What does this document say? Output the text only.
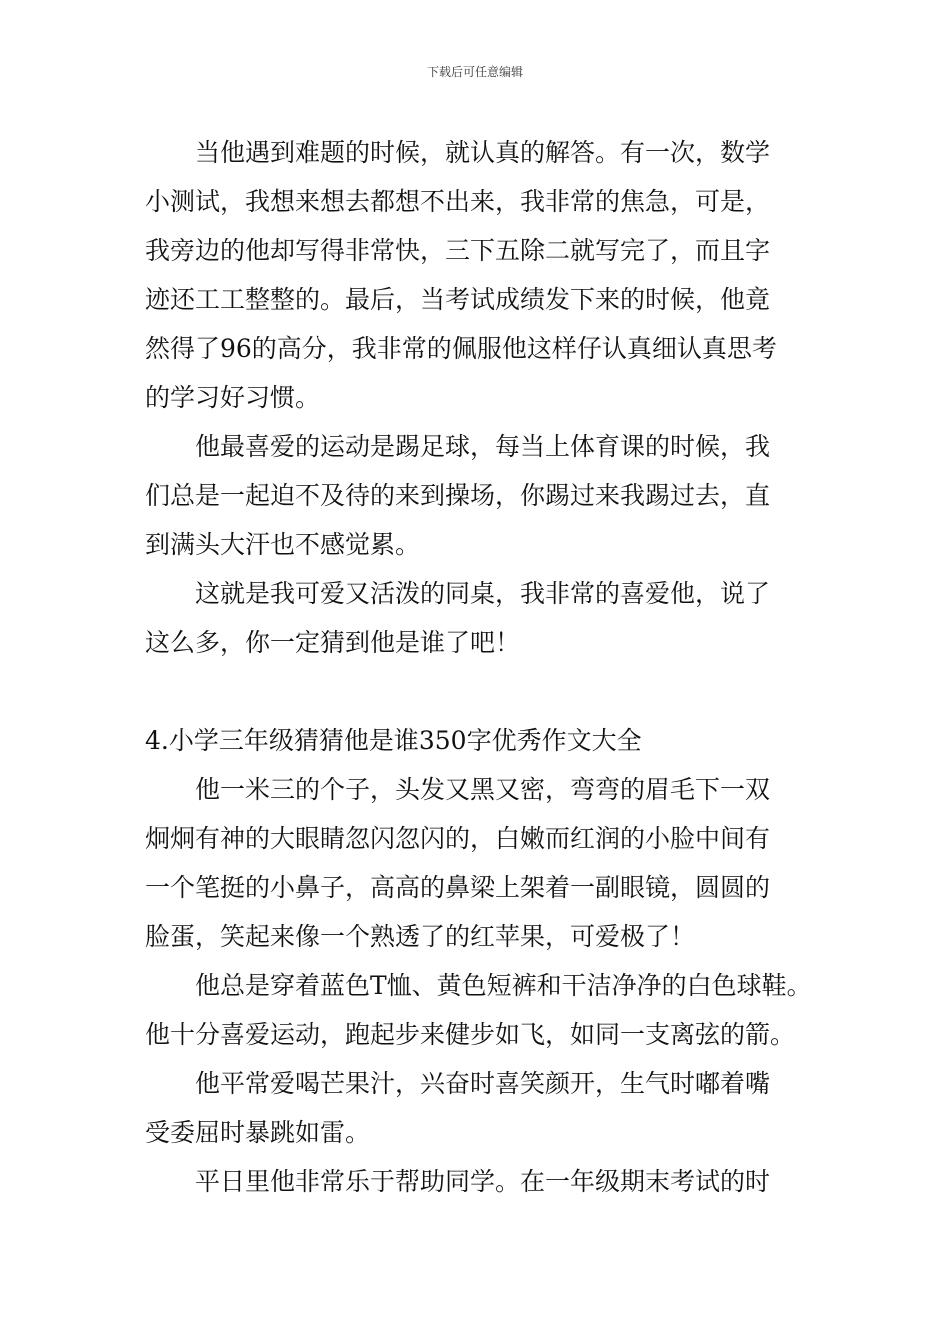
下载后可任意编辑

　　当他遇到难题的时候，就认真的解答。有一次，数学

小测试，我想来想去都想不出来，我非常的焦急，可是，

我旁边的他却写得非常快，三下五除二就写完了，而且字

迹还工工整整的。最后，当考试成绩发下来的时候，他竟

然得了96的高分，我非常的佩服他这样仔认真细认真思考

的学习好习惯。

　　他最喜爱的运动是踢足球，每当上体育课的时候，我

们总是一起迫不及待的来到操场，你踢过来我踢过去，直

到满头大汗也不感觉累。

　　这就是我可爱又活泼的同桌，我非常的喜爱他，说了

这么多，你一定猜到他是谁了吧！

4.小学三年级猜猜他是谁350字优秀作文大全

　　他一米三的个子，头发又黑又密，弯弯的眉毛下一双

炯炯有神的大眼睛忽闪忽闪的，白嫩而红润的小脸中间有

一个笔挺的小鼻子，高高的鼻梁上架着一副眼镜，圆圆的

脸蛋，笑起来像一个熟透了的红苹果，可爱极了！

　　他总是穿着蓝色T恤、黄色短裤和干洁净净的白色球鞋。

他十分喜爱运动，跑起步来健步如飞，如同一支离弦的箭。

　　他平常爱喝芒果汁，兴奋时喜笑颜开，生气时嘟着嘴

受委屈时暴跳如雷。

　　平日里他非常乐于帮助同学。在一年级期末考试的时
